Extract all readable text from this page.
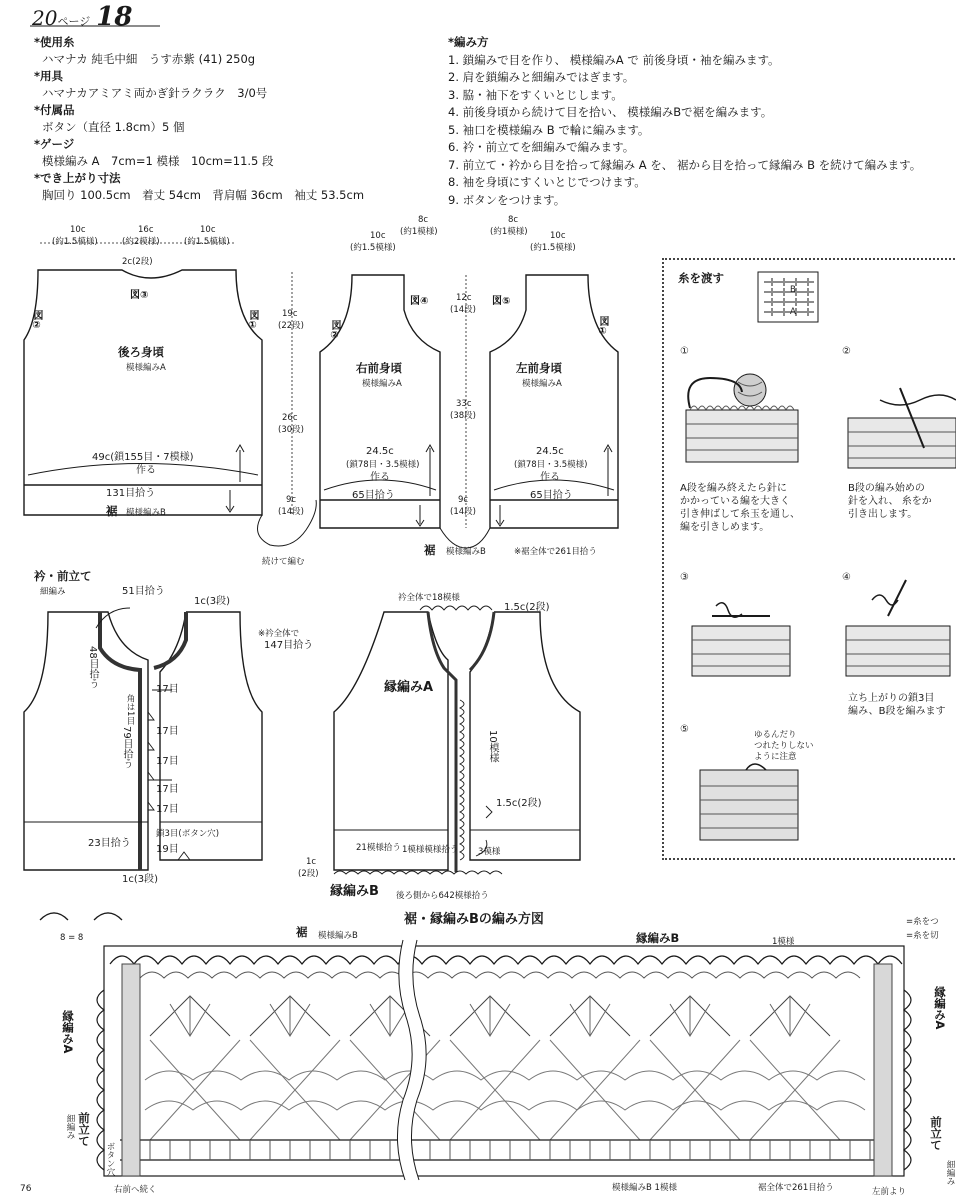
20ページ 18
*使用糸
ハマナカ 純毛中細　うす赤紫 (41) 250g
*用具
ハマナカアミアミ両かぎ針ラクラク　3/0号
*付属品
ボタン（直径 1.8cm）5 個
*ゲージ
模様編み A　7cm=1 模様　10cm=11.5 段
*でき上がり寸法
胸回り 100.5cm　着丈 54cm　背肩幅 36cm　袖丈 53.5cm
*編み方
1. 鎖編みで目を作り、 模様編みA で 前後身頃・袖を編みます。
2. 肩を鎖編みと細編みではぎます。
3. 脇・袖下をすくいとじします。
4. 前後身頃から続けて目を拾い、 模様編みBで裾を編みます。
5. 袖口を模様編み B で輪に編みます。
6. 衿・前立てを細編みで編みます。
7. 前立て・衿から目を拾って縁編み A を、 裾から目を拾って縁編み B を続けて編みます。
8. 袖を身頃にすくいとじでつけます。
9. ボタンをつけます。
10c
(約1.5模様)
16c
(約2模様)
10c
(約1.5模様)
2c(2段)
図③
図②	図①
後ろ身頃
模様編みA
49c(鎖155目・7模様)
作る
131目拾う
裾 模様編みB
19c
(22段)
26c
(30段)
9c
(14段)
続けて編む
10c
(約1.5模様)
8c
(約1模様)
図④
図②
右前身頃
模様編みA
24.5c
(鎖78目・3.5模様)
作る
65目拾う
12c
(14段)
33c
(38段)
9c
(14段)
8c
(約1模様)	10c
(約1.5模様)
図⑤
図①
左前身頃
模様編みA
24.5c
(鎖78目・3.5模様)
作る
65目拾う
裾 模様編みB	※裾全体で261目拾う
衿・前立て
細編み	51目拾う
1c(3段)
※衿全体で
147目拾う
48目拾う
角は1目
79目拾う
17目
17目
17目
17目
17目
23目拾う
鎖3目(ボタン穴)
19目
1c(3段)
衿全体で18模様
1.5c(2段)
縁編みA
10模様
1.5c(2段)
21模様拾う 1模様模様拾う 3模様
1c
(2段)
縁編みB 後ろ側から642模様拾う
糸を渡す
B
A
①	②
A段を編み終えたら針に
かかっている編を大きく
引き伸ばして糸玉を通し、
編を引きしめます。
B段の編み始めの
針を入れ、 糸をか
引き出します。
③	④
立ち上がりの鎖3目
編み、B段を編みます
⑤	ゆるんだり
つれたりしない
ように注意
8 = 8
裾・縁編みBの編み方図
裾 模様編みB	縁編みB	1模様
=糸をつ
=糸を切
縁編みA
縁編みA
前立て
細編み	前立て
細編み
ボタン穴
右前へ続く	模様編みB 1模様	裾全体で261目拾う	左前より
76
